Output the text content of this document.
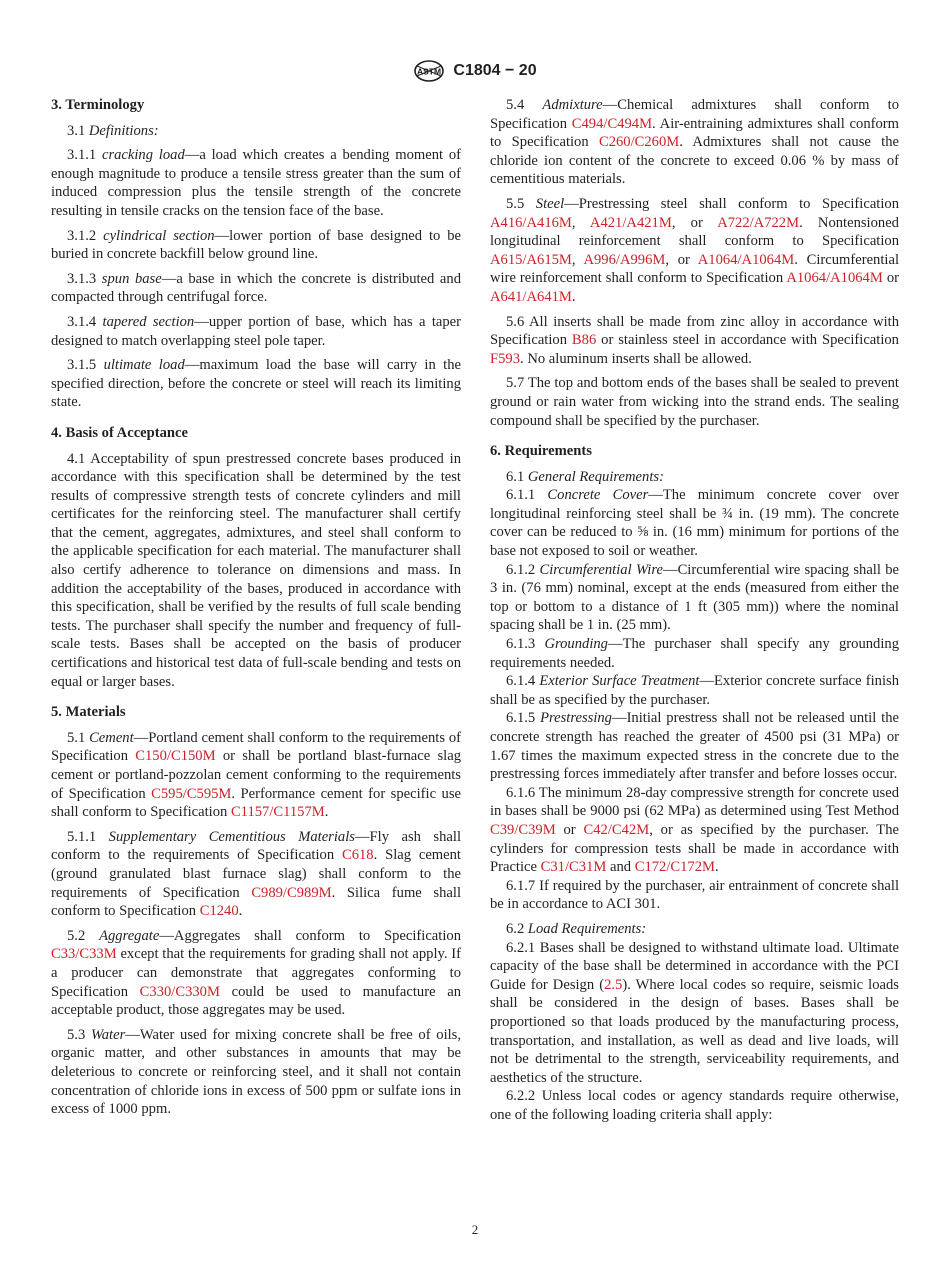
ASTM C1804 − 20
3. Terminology

3.1 Definitions:

3.1.1 cracking load—a load which creates a bending moment of enough magnitude to produce a tensile stress greater than the sum of induced compression plus the tensile strength of the concrete resulting in tensile cracks on the tension face of the base.

3.1.2 cylindrical section—lower portion of base designed to be buried in concrete backfill below ground line.

3.1.3 spun base—a base in which the concrete is distributed and compacted through centrifugal force.

3.1.4 tapered section—upper portion of base, which has a taper designed to match overlapping steel pole taper.

3.1.5 ultimate load—maximum load the base will carry in the specified direction, before the concrete or steel will reach its limiting state.

4. Basis of Acceptance

4.1 Acceptability of spun prestressed concrete bases produced in accordance with this specification shall be determined by the test results of compressive strength tests of concrete cylinders and mill certificates for the reinforcing steel. The manufacturer shall certify that the cement, aggregates, admixtures, and steel shall conform to the applicable specification for each material. The manufacturer shall also certify adherence to tolerance on dimensions and mass. In addition the acceptability of the bases, produced in accordance with this specification, shall be verified by the results of full scale bending tests. The purchaser shall specify the number and frequency of full-scale tests. Bases shall be accepted on the basis of producer certifications and historical test data of full-scale bending and tests on equal or larger bases.

5. Materials

5.1 Cement—Portland cement shall conform to the requirements of Specification C150/C150M or shall be portland blast-furnace slag cement or portland-pozzolan cement conforming to the requirements of Specification C595/C595M. Performance cement for specific use shall conform to Specification C1157/C1157M.

5.1.1 Supplementary Cementitious Materials—Fly ash shall conform to the requirements of Specification C618. Slag cement (ground granulated blast furnace slag) shall conform to the requirements of Specification C989/C989M. Silica fume shall conform to Specification C1240.

5.2 Aggregate—Aggregates shall conform to Specification C33/C33M except that the requirements for grading shall not apply. If a producer can demonstrate that aggregates conforming to Specification C330/C330M could be used to manufacture an acceptable product, those aggregates may be used.

5.3 Water—Water used for mixing concrete shall be free of oils, organic matter, and other substances in amounts that may be deleterious to concrete or reinforcing steel, and it shall not contain concentration of chloride ions in excess of 500 ppm or sulfate ions in excess of 1000 ppm.

5.4 Admixture—Chemical admixtures shall conform to Specification C494/C494M. Air-entraining admixtures shall conform to Specification C260/C260M. Admixtures shall not cause the chloride ion content of the concrete to exceed 0.06 % by mass of cementitious materials.

5.5 Steel—Prestressing steel shall conform to Specification A416/A416M, A421/A421M, or A722/A722M. Nontensioned longitudinal reinforcement shall conform to Specification A615/A615M, A996/A996M, or A1064/A1064M. Circumferential wire reinforcement shall conform to Specification A1064/A1064M or A641/A641M.

5.6 All inserts shall be made from zinc alloy in accordance with Specification B86 or stainless steel in accordance with Specification F593. No aluminum inserts shall be allowed.

5.7 The top and bottom ends of the bases shall be sealed to prevent ground or rain water from wicking into the strand ends. The sealing compound shall be specified by the purchaser.

6. Requirements

6.1 General Requirements:

6.1.1 Concrete Cover—The minimum concrete cover over longitudinal reinforcing steel shall be ¾ in. (19 mm). The concrete cover can be reduced to ⅝ in. (16 mm) minimum for portions of the base not exposed to soil or weather.

6.1.2 Circumferential Wire—Circumferential wire spacing shall be 3 in. (76 mm) nominal, except at the ends (measured from either the top or bottom to a distance of 1 ft (305 mm)) where the nominal spacing shall be 1 in. (25 mm).

6.1.3 Grounding—The purchaser shall specify any grounding requirements needed.

6.1.4 Exterior Surface Treatment—Exterior concrete surface finish shall be as specified by the purchaser.

6.1.5 Prestressing—Initial prestress shall not be released until the concrete strength has reached the greater of 4500 psi (31 MPa) or 1.67 times the maximum expected stress in the concrete due to the prestressing forces immediately after transfer and before losses occur.

6.1.6 The minimum 28-day compressive strength for concrete used in bases shall be 9000 psi (62 MPa) as determined using Test Method C39/C39M or C42/C42M, or as specified by the purchaser. The cylinders for compression tests shall be made in accordance with Practice C31/C31M and C172/C172M.

6.1.7 If required by the purchaser, air entrainment of concrete shall be in accordance to ACI 301.

6.2 Load Requirements:

6.2.1 Bases shall be designed to withstand ultimate load. Ultimate capacity of the base shall be determined in accordance with the PCI Guide for Design (2.5). Where local codes so require, seismic loads shall be considered in the design of bases. Bases shall be proportioned so that loads produced by the manufacturing process, transportation, and installation, as well as dead and live loads, will not be detrimental to the strength, serviceability requirements, and aesthetics of the structure.

6.2.2 Unless local codes or agency standards require otherwise, one of the following loading criteria shall apply:

2
